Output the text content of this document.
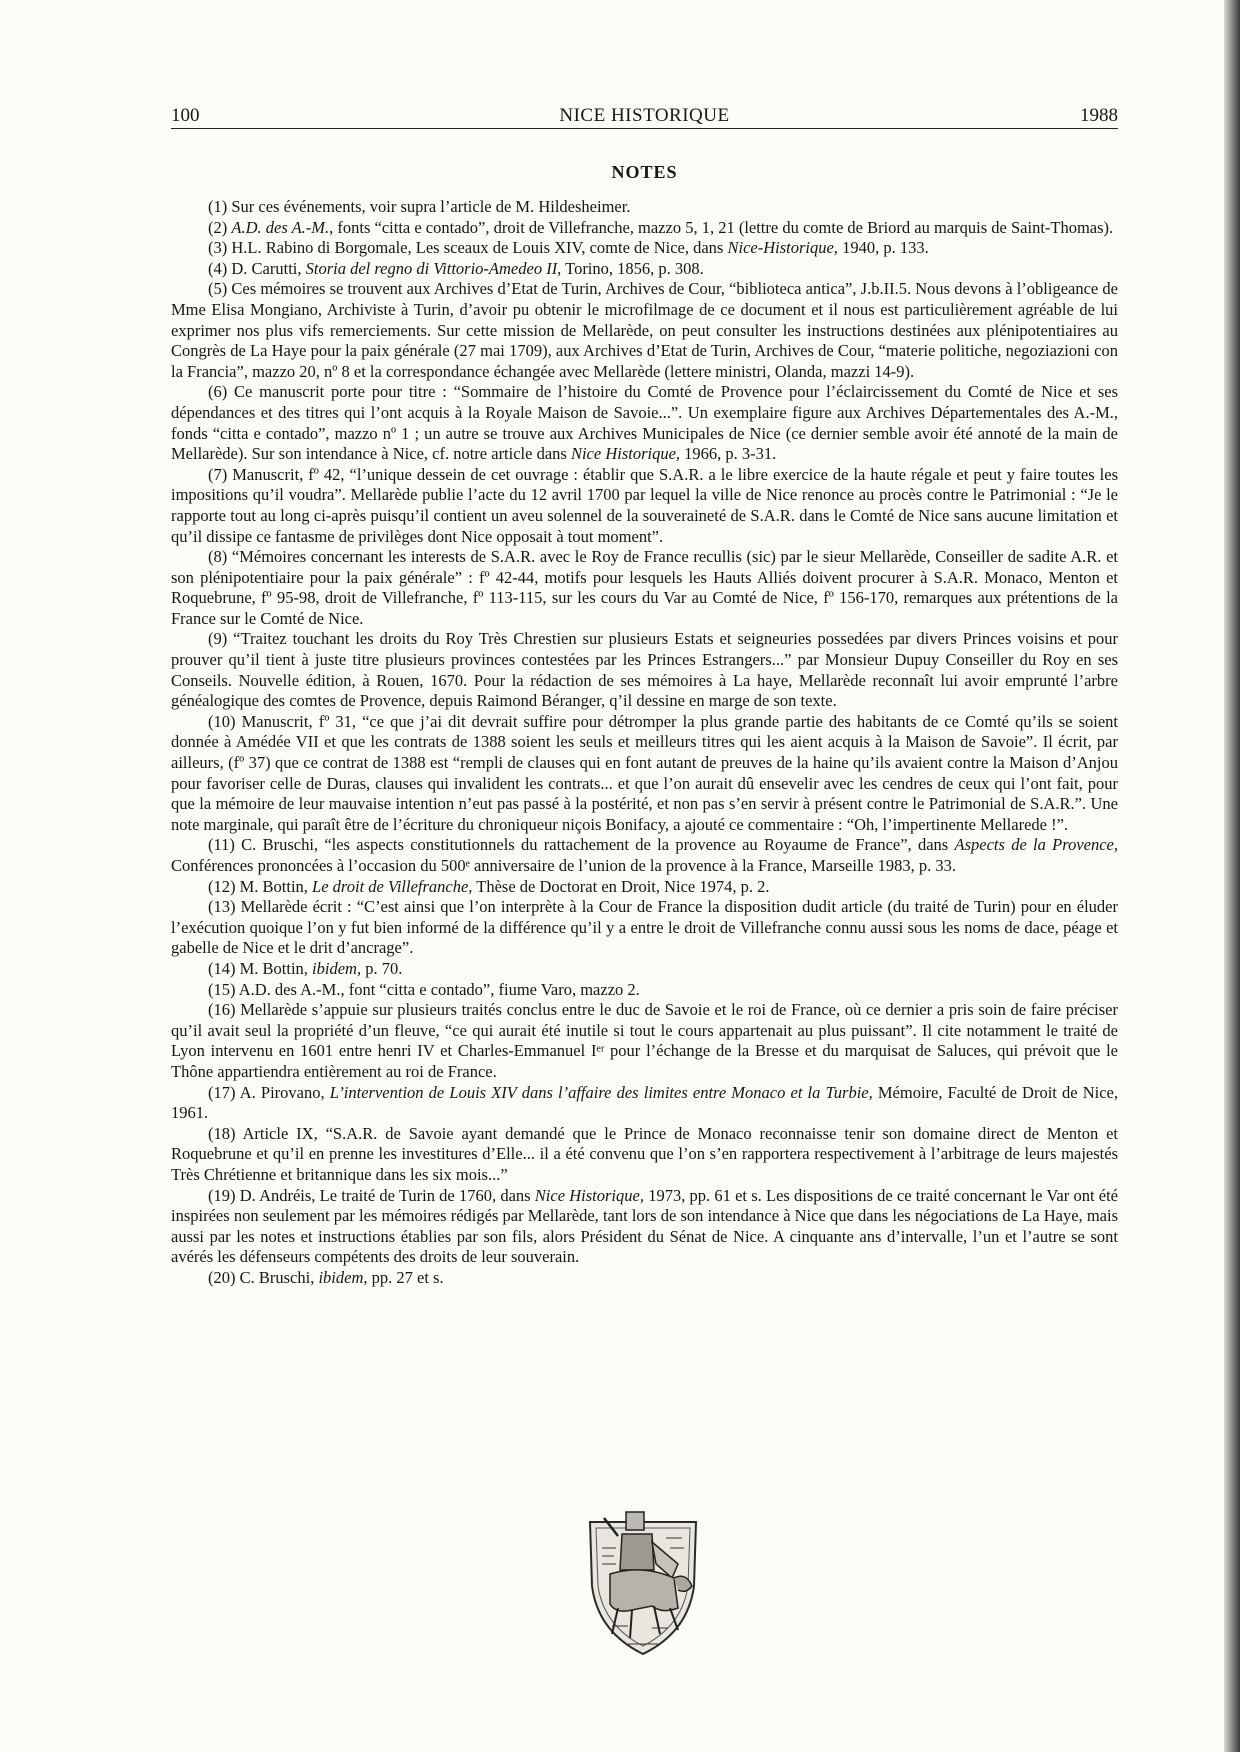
100	NICE HISTORIQUE	1988
NOTES

(1) Sur ces événements, voir supra l’article de M. Hildesheimer.

(2) A.D. des A.-M., fonts “citta e contado”, droit de Villefranche, mazzo 5, 1, 21 (lettre du comte de Briord au marquis de Saint-Thomas).

(3) H.L. Rabino di Borgomale, Les sceaux de Louis XIV, comte de Nice, dans Nice-Historique, 1940, p. 133.

(4) D. Carutti, Storia del regno di Vittorio-Amedeo II, Torino, 1856, p. 308.

(5) Ces mémoires se trouvent aux Archives d’Etat de Turin, Archives de Cour, “biblioteca antica”, J.b.II.5. Nous devons à l’obligeance de Mme Elisa Mongiano, Archiviste à Turin, d’avoir pu obtenir le microfilmage de ce document et il nous est particulièrement agréable de lui exprimer nos plus vifs remerciements. Sur cette mission de Mellarède, on peut consulter les instructions destinées aux plénipotentiaires au Congrès de La Haye pour la paix générale (27 mai 1709), aux Archives d’Etat de Turin, Archives de Cour, “materie politiche, negoziazioni con la Francia”, mazzo 20, nº 8 et la correspondance échangée avec Mellarède (lettere ministri, Olanda, mazzi 14-9).

(6) Ce manuscrit porte pour titre : “Sommaire de l’histoire du Comté de Provence pour l’éclaircissement du Comté de Nice et ses dépendances et des titres qui l’ont acquis à la Royale Maison de Savoie...”. Un exemplaire figure aux Archives Départementales des A.-M., fonds “citta e contado”, mazzo nº 1 ; un autre se trouve aux Archives Municipales de Nice (ce dernier semble avoir été annoté de la main de Mellarède). Sur son intendance à Nice, cf. notre article dans Nice Historique, 1966, p. 3-31.

(7) Manuscrit, fº 42, “l’unique dessein de cet ouvrage : établir que S.A.R. a le libre exercice de la haute régale et peut y faire toutes les impositions qu’il voudra”. Mellarède publie l’acte du 12 avril 1700 par lequel la ville de Nice renonce au procès contre le Patrimonial : “Je le rapporte tout au long ci-après puisqu’il contient un aveu solennel de la souveraineté de S.A.R. dans le Comté de Nice sans aucune limitation et qu’il dissipe ce fantasme de privilèges dont Nice opposait à tout moment”.

(8) “Mémoires concernant les interests de S.A.R. avec le Roy de France recullis (sic) par le sieur Mellarède, Conseiller de sadite A.R. et son plénipotentiaire pour la paix générale” : fº 42-44, motifs pour lesquels les Hauts Alliés doivent procurer à S.A.R. Monaco, Menton et Roquebrune, fº 95-98, droit de Villefranche, fº 113-115, sur les cours du Var au Comté de Nice, fº 156-170, remarques aux prétentions de la France sur le Comté de Nice.

(9) “Traitez touchant les droits du Roy Très Chrestien sur plusieurs Estats et seigneuries possedées par divers Princes voisins et pour prouver qu’il tient à juste titre plusieurs provinces contestées par les Princes Estrangers...” par Monsieur Dupuy Conseiller du Roy en ses Conseils. Nouvelle édition, à Rouen, 1670. Pour la rédaction de ses mémoires à La haye, Mellarède reconnaît lui avoir emprunté l’arbre généalogique des comtes de Provence, depuis Raimond Béranger, q’il dessine en marge de son texte.

(10) Manuscrit, fº 31, “ce que j’ai dit devrait suffire pour détromper la plus grande partie des habitants de ce Comté qu’ils se soient donnée à Amédée VII et que les contrats de 1388 soient les seuls et meilleurs titres qui les aient acquis à la Maison de Savoie”. Il écrit, par ailleurs, (fº 37) que ce contrat de 1388 est “rempli de clauses qui en font autant de preuves de la haine qu’ils avaient contre la Maison d’Anjou pour favoriser celle de Duras, clauses qui invalident les contrats... et que l’on aurait dû ensevelir avec les cendres de ceux qui l’ont fait, pour que la mémoire de leur mauvaise intention n’eut pas passé à la postérité, et non pas s’en servir à présent contre le Patrimonial de S.A.R.”. Une note marginale, qui paraît être de l’écriture du chroniqueur niçois Bonifacy, a ajouté ce commentaire : “Oh, l’impertinente Mellarede !”.

(11) C. Bruschi, “les aspects constitutionnels du rattachement de la provence au Royaume de France”, dans Aspects de la Provence, Conférences prononcées à l’occasion du 500ᵉ anniversaire de l’union de la provence à la France, Marseille 1983, p. 33.

(12) M. Bottin, Le droit de Villefranche, Thèse de Doctorat en Droit, Nice 1974, p. 2.

(13) Mellarède écrit : “C’est ainsi que l’on interprète à la Cour de France la disposition dudit article (du traité de Turin) pour en éluder l’exécution quoique l’on y fut bien informé de la différence qu’il y a entre le droit de Villefranche connu aussi sous les noms de dace, péage et gabelle de Nice et le drit d’ancrage”.

(14) M. Bottin, ibidem, p. 70.

(15) A.D. des A.-M., font “citta e contado”, fiume Varo, mazzo 2.

(16) Mellarède s’appuie sur plusieurs traités conclus entre le duc de Savoie et le roi de France, où ce dernier a pris soin de faire préciser qu’il avait seul la propriété d’un fleuve, “ce qui aurait été inutile si tout le cours appartenait au plus puissant”. Il cite notamment le traité de Lyon intervenu en 1601 entre henri IV et Charles-Emmanuel Iᵉʳ pour l’échange de la Bresse et du marquisat de Saluces, qui prévoit que le Thône appartiendra entièrement au roi de France.

(17) A. Pirovano, L’intervention de Louis XIV dans l’affaire des limites entre Monaco et la Turbie, Mémoire, Faculté de Droit de Nice, 1961.

(18) Article IX, “S.A.R. de Savoie ayant demandé que le Prince de Monaco reconnaisse tenir son domaine direct de Menton et Roquebrune et qu’il en prenne les investitures d’Elle... il a été convenu que l’on s’en rapportera respectivement à l’arbitrage de leurs majestés Très Chrétienne et britannique dans les six mois...”

(19) D. Andréis, Le traité de Turin de 1760, dans Nice Historique, 1973, pp. 61 et s. Les dispositions de ce traité concernant le Var ont été inspirées non seulement par les mémoires rédigés par Mellarède, tant lors de son intendance à Nice que dans les négociations de La Haye, mais aussi par les notes et instructions établies par son fils, alors Président du Sénat de Nice. A cinquante ans d’intervalle, l’un et l’autre se sont avérés les défenseurs compétents des droits de leur souverain.

(20) C. Bruschi, ibidem, pp. 27 et s.
